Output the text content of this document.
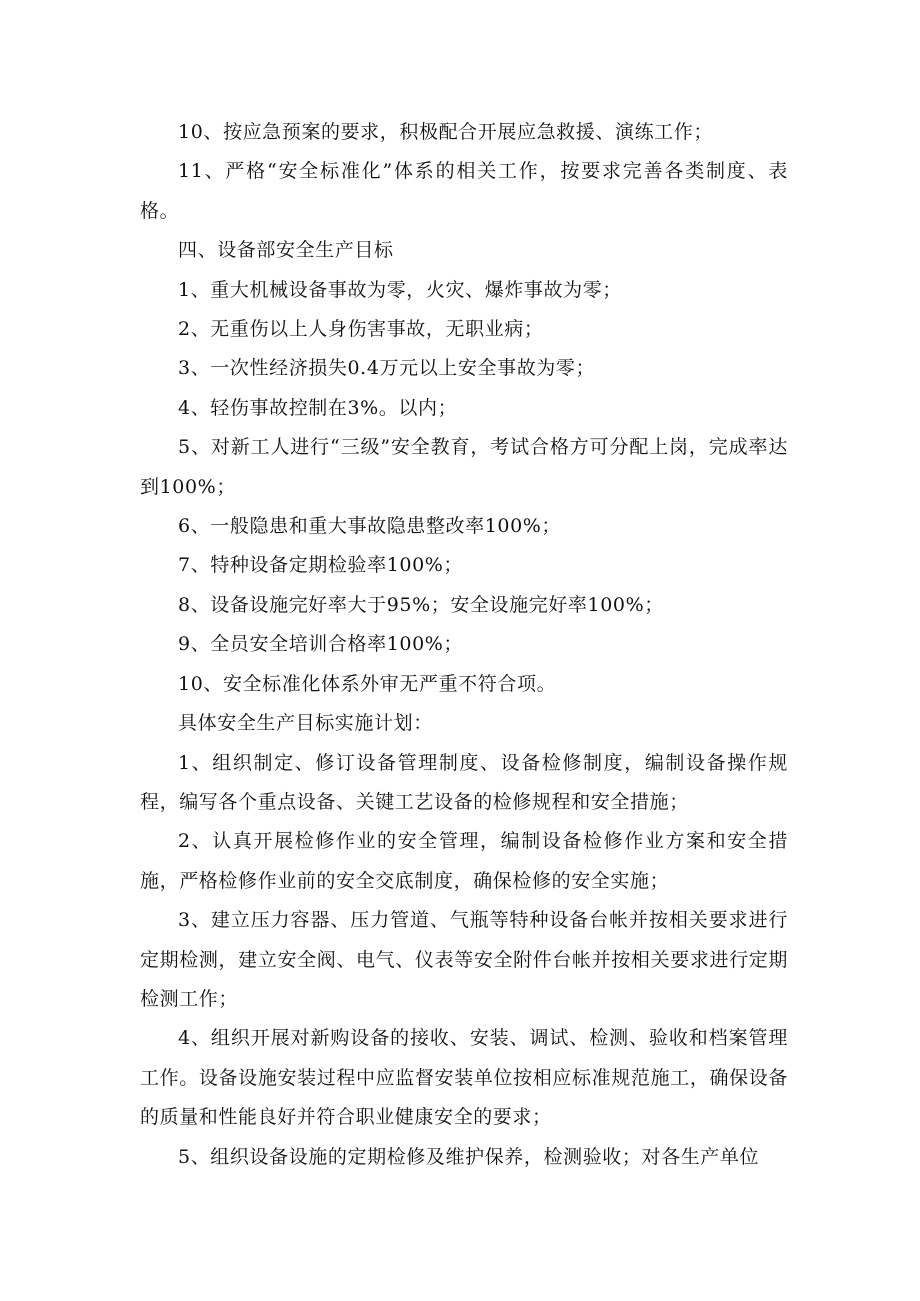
10、按应急预案的要求，积极配合开展应急救援、演练工作；

11、严格“安全标准化”体系的相关工作，按要求完善各类制度、表格。

四、设备部安全生产目标

1、重大机械设备事故为零，火灾、爆炸事故为零；

2、无重伤以上人身伤害事故，无职业病；

3、一次性经济损失0.4万元以上安全事故为零；

4、轻伤事故控制在3%。以内；

5、对新工人进行“三级”安全教育，考试合格方可分配上岗，完成率达到100%；

6、一般隐患和重大事故隐患整改率100%；

7、特种设备定期检验率100%；

8、设备设施完好率大于95%；安全设施完好率100%；

9、全员安全培训合格率100%；

10、安全标准化体系外审无严重不符合项。

具体安全生产目标实施计划：

1、组织制定、修订设备管理制度、设备检修制度，编制设备操作规程，编写各个重点设备、关键工艺设备的检修规程和安全措施；

2、认真开展检修作业的安全管理，编制设备检修作业方案和安全措施，严格检修作业前的安全交底制度，确保检修的安全实施；

3、建立压力容器、压力管道、气瓶等特种设备台帐并按相关要求进行定期检测，建立安全阀、电气、仪表等安全附件台帐并按相关要求进行定期检测工作；

4、组织开展对新购设备的接收、安装、调试、检测、验收和档案管理工作。设备设施安装过程中应监督安装单位按相应标准规范施工，确保设备的质量和性能良好并符合职业健康安全的要求；

5、组织设备设施的定期检修及维护保养，检测验收；对各生产单位
